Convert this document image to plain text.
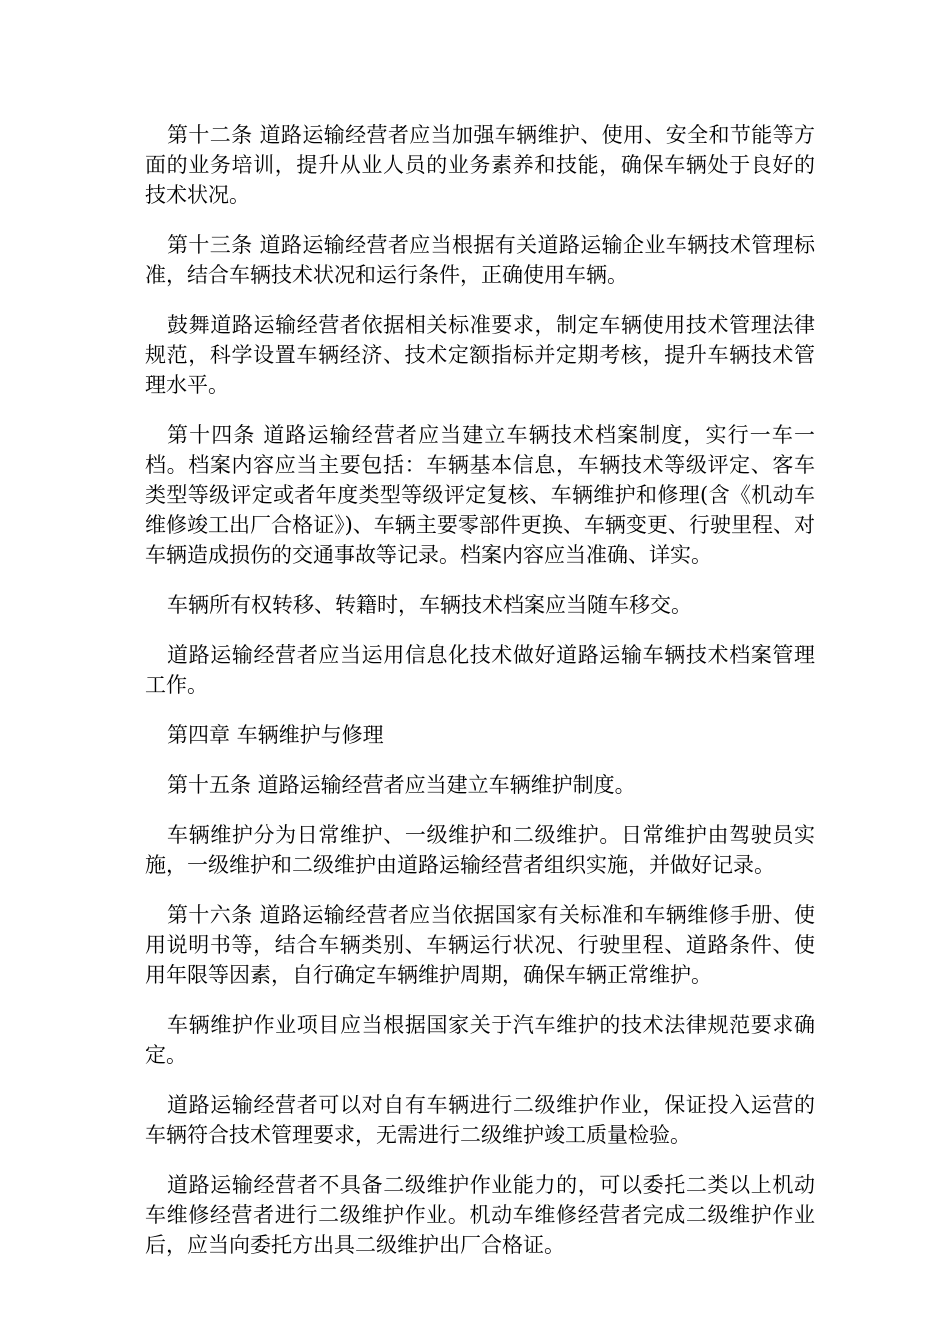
第十二条 道路运输经营者应当加强车辆维护、使用、安全和节能等方面的业务培训，提升从业人员的业务素养和技能，确保车辆处于良好的技术状况。

第十三条 道路运输经营者应当根据有关道路运输企业车辆技术管理标准，结合车辆技术状况和运行条件，正确使用车辆。

鼓舞道路运输经营者依据相关标准要求，制定车辆使用技术管理法律规范，科学设置车辆经济、技术定额指标并定期考核，提升车辆技术管理水平。

第十四条 道路运输经营者应当建立车辆技术档案制度，实行一车一档。档案内容应当主要包括：车辆基本信息，车辆技术等级评定、客车类型等级评定或者年度类型等级评定复核、车辆维护和修理(含《机动车维修竣工出厂合格证》)、车辆主要零部件更换、车辆变更、行驶里程、对车辆造成损伤的交通事故等记录。档案内容应当准确、详实。

车辆所有权转移、转籍时，车辆技术档案应当随车移交。

道路运输经营者应当运用信息化技术做好道路运输车辆技术档案管理工作。

第四章 车辆维护与修理

第十五条 道路运输经营者应当建立车辆维护制度。

车辆维护分为日常维护、一级维护和二级维护。日常维护由驾驶员实施，一级维护和二级维护由道路运输经营者组织实施，并做好记录。

第十六条 道路运输经营者应当依据国家有关标准和车辆维修手册、使用说明书等，结合车辆类别、车辆运行状况、行驶里程、道路条件、使用年限等因素，自行确定车辆维护周期，确保车辆正常维护。

车辆维护作业项目应当根据国家关于汽车维护的技术法律规范要求确定。

道路运输经营者可以对自有车辆进行二级维护作业，保证投入运营的车辆符合技术管理要求，无需进行二级维护竣工质量检验。

道路运输经营者不具备二级维护作业能力的，可以委托二类以上机动车维修经营者进行二级维护作业。机动车维修经营者完成二级维护作业后，应当向委托方出具二级维护出厂合格证。
